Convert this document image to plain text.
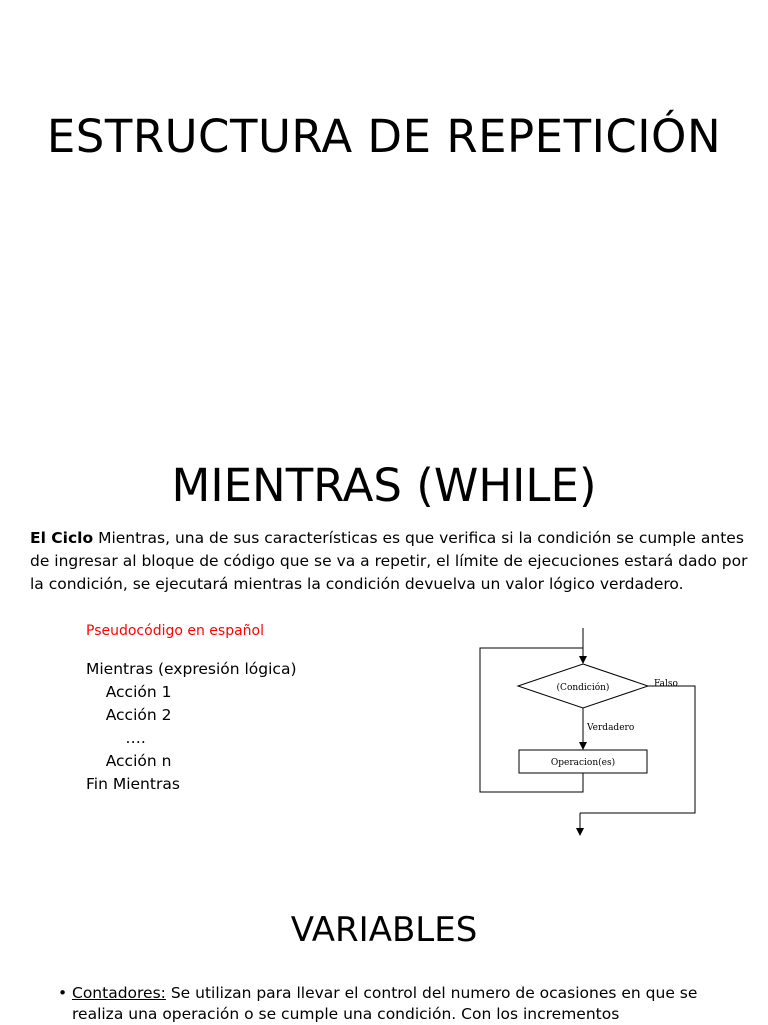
ESTRUCTURA DE REPETICIÓN
MIENTRAS (WHILE)

El Ciclo Mientras, una de sus características es que verifica si la condición se cumple antes de ingresar al bloque de código que se va a repetir, el límite de ejecuciones estará dado por la condición, se ejecutará mientras la condición devuelva un valor lógico verdadero.

Pseudocódigo en español
Mientras (expresión lógica)
Acción 1
Acción 2
….
Acción n
Fin Mientras
(Condición)
Verdadero
Operacion(es)
Falso
VARIABLES
• Contadores: Se utilizan para llevar el control del numero de ocasiones en que se realiza una operación o se cumple una condición. Con los incrementos
